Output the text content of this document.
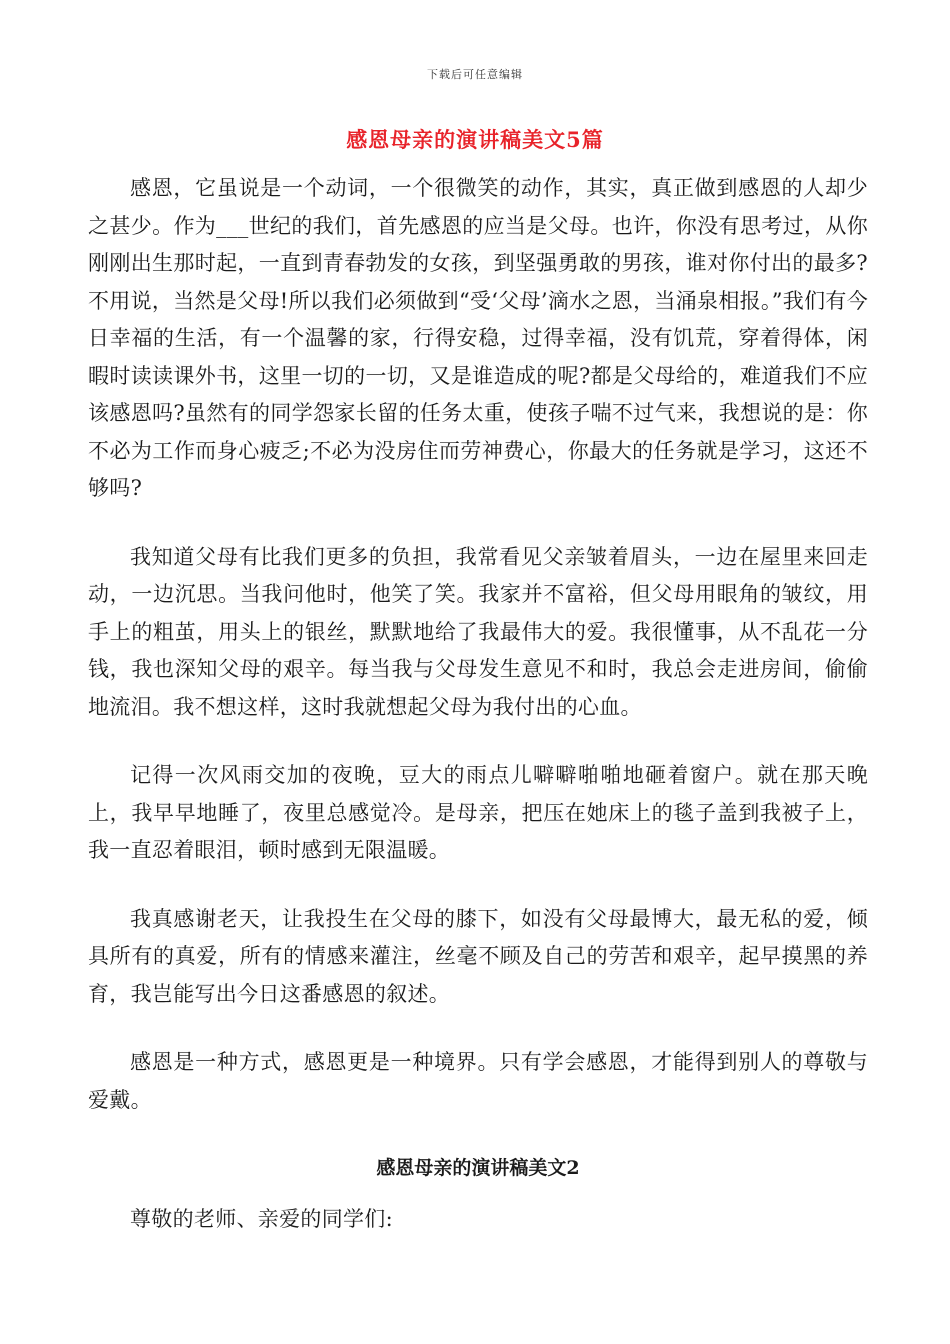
下载后可任意编辑
感恩母亲的演讲稿美文5篇

感恩，它虽说是一个动词，一个很微笑的动作，其实，真正做到感恩的人却少之甚少。作为___世纪的我们，首先感恩的应当是父母。也许，你没有思考过，从你刚刚出生那时起，一直到青春勃发的女孩，到坚强勇敢的男孩，谁对你付出的最多?不用说，当然是父母!所以我们必须做到“受‘父母’滴水之恩，当涌泉相报。”我们有今日幸福的生活，有一个温馨的家，行得安稳，过得幸福，没有饥荒，穿着得体，闲暇时读读课外书，这里一切的一切，又是谁造成的呢?都是父母给的，难道我们不应该感恩吗?虽然有的同学怨家长留的任务太重，使孩子喘不过气来，我想说的是：你不必为工作而身心疲乏;不必为没房住而劳神费心，你最大的任务就是学习，这还不够吗?

我知道父母有比我们更多的负担，我常看见父亲皱着眉头，一边在屋里来回走动，一边沉思。当我问他时，他笑了笑。我家并不富裕，但父母用眼角的皱纹，用手上的粗茧，用头上的银丝，默默地给了我最伟大的爱。我很懂事，从不乱花一分钱，我也深知父母的艰辛。每当我与父母发生意见不和时，我总会走进房间，偷偷地流泪。我不想这样，这时我就想起父母为我付出的心血。

记得一次风雨交加的夜晚，豆大的雨点儿噼噼啪啪地砸着窗户。就在那天晚上，我早早地睡了，夜里总感觉冷。是母亲，把压在她床上的毯子盖到我被子上，我一直忍着眼泪，顿时感到无限温暖。

我真感谢老天，让我投生在父母的膝下，如没有父母最博大，最无私的爱，倾具所有的真爱，所有的情感来灌注，丝毫不顾及自己的劳苦和艰辛，起早摸黑的养育，我岂能写出今日这番感恩的叙述。

感恩是一种方式，感恩更是一种境界。只有学会感恩，才能得到别人的尊敬与爱戴。

感恩母亲的演讲稿美文2

尊敬的老师、亲爱的同学们:
